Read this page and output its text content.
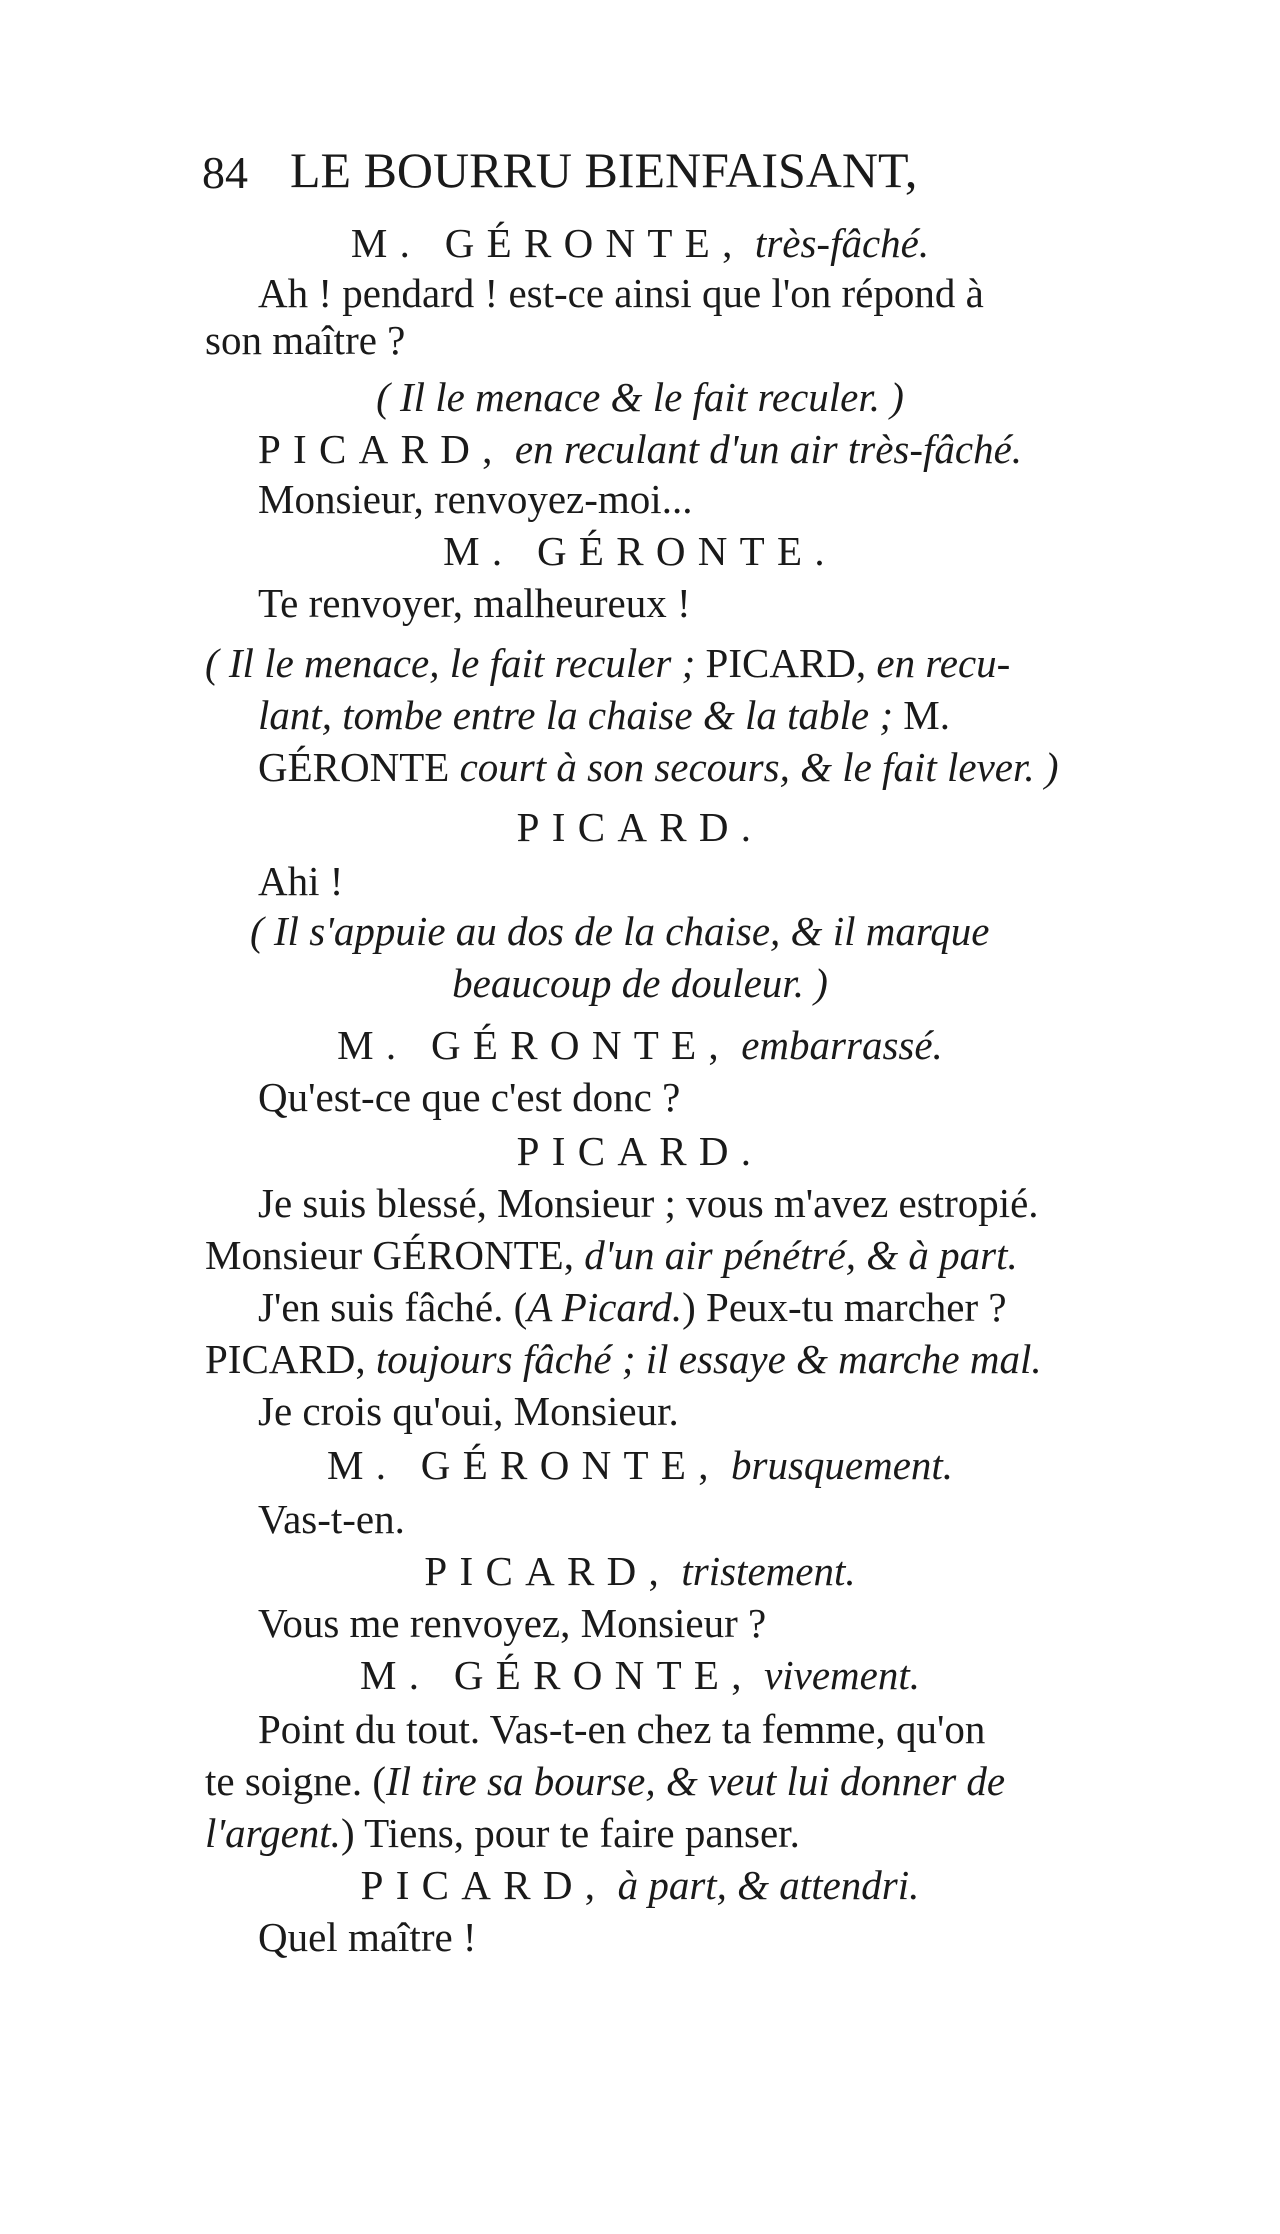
84 LE BOURRU BIENFAISANT,
M. GÉRONTE, très-fâché.
Ah ! pendard ! est-ce ainsi que l'on répond à
son maître ?
( Il le menace & le fait reculer. )
PICARD, en reculant d'un air très-fâché.
Monsieur, renvoyez-moi...
M. GÉRONTE.
Te renvoyer, malheureux !
( Il le menace, le fait reculer ; PICARD, en recu-
lant, tombe entre la chaise & la table ; M.
GÉRONTE court à son secours, & le fait lever. )
PICARD.
Ahi !
( Il s'appuie au dos de la chaise, & il marque
beaucoup de douleur. )
M. GÉRONTE, embarrassé.
Qu'est-ce que c'est donc ?
PICARD.
Je suis blessé, Monsieur ; vous m'avez estropié.
Monsieur GÉRONTE, d'un air pénétré, & à part.
J'en suis fâché. (A Picard.) Peux-tu marcher ?
PICARD, toujours fâché ; il essaye & marche mal.
Je crois qu'oui, Monsieur.
M. GÉRONTE, brusquement.
Vas-t-en.
PICARD, tristement.
Vous me renvoyez, Monsieur ?
M. GÉRONTE, vivement.
Point du tout. Vas-t-en chez ta femme, qu'on
te soigne. (Il tire sa bourse, & veut lui donner de
l'argent.) Tiens, pour te faire panser.
PICARD, à part, & attendri.
Quel maître !
